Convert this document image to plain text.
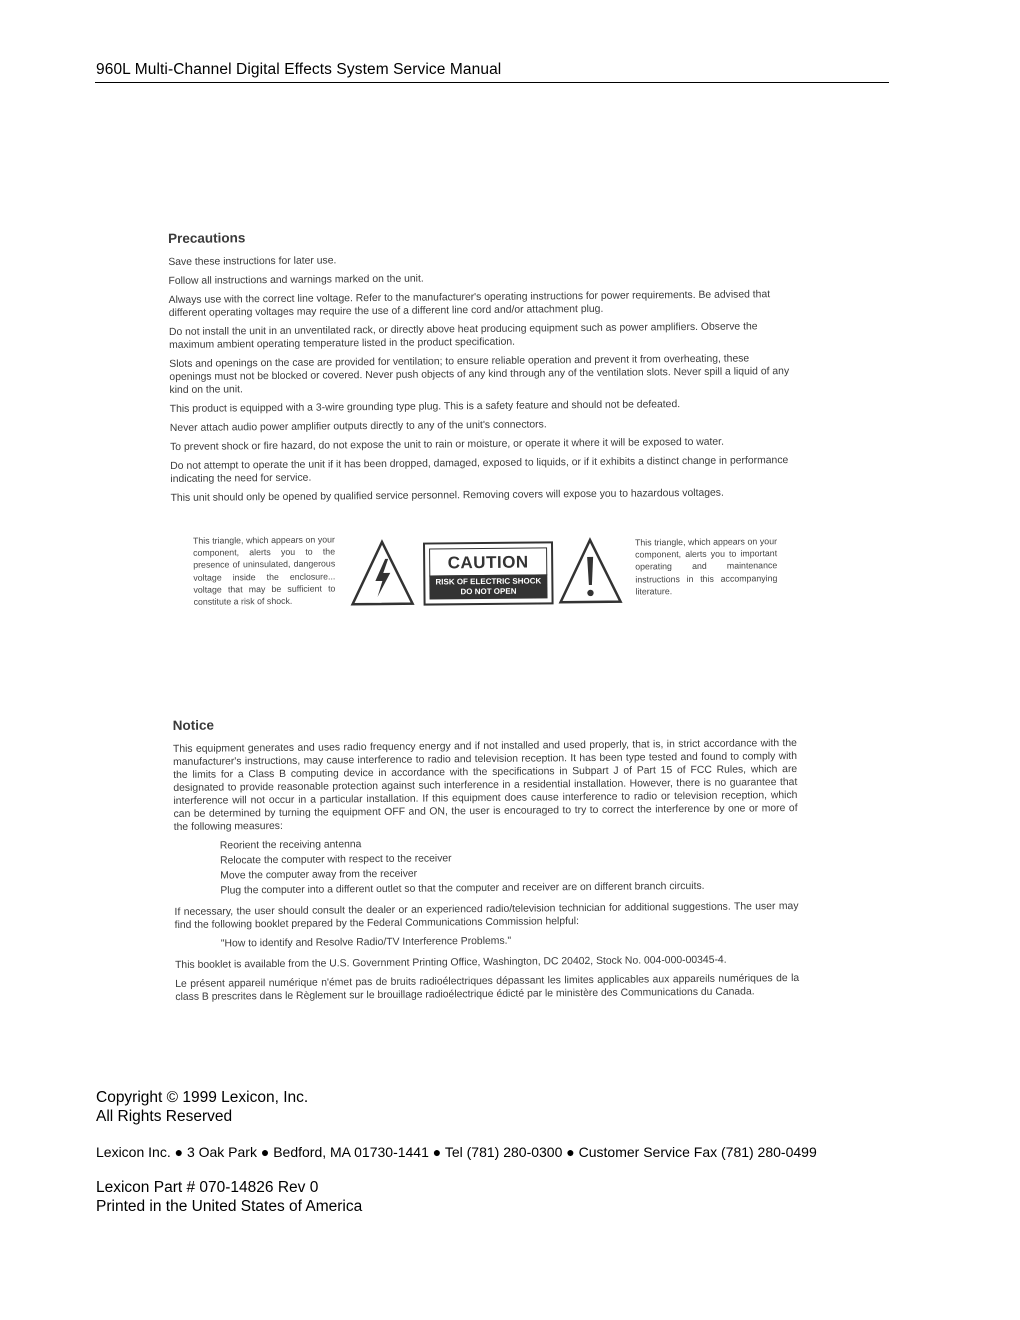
960L Multi-Channel Digital Effects System Service Manual
Precautions

Save these instructions for later use.

Follow all instructions and warnings marked on the unit.

Always use with the correct line voltage. Refer to the manufacturer's operating instructions for power requirements. Be advised that different operating voltages may require the use of a different line cord and/or attachment plug.

Do not install the unit in an unventilated rack, or directly above heat producing equipment such as power amplifiers. Observe the maximum ambient operating temperature listed in the product specification.

Slots and openings on the case are provided for ventilation; to ensure reliable operation and prevent it from overheating, these openings must not be blocked or covered. Never push objects of any kind through any of the ventilation slots. Never spill a liquid of any kind on the unit.

This product is equipped with a 3-wire grounding type plug. This is a safety feature and should not be defeated.

Never attach audio power amplifier outputs directly to any of the unit's connectors.

To prevent shock or fire hazard, do not expose the unit to rain or moisture, or operate it where it will be exposed to water.

Do not attempt to operate the unit if it has been dropped, damaged, exposed to liquids, or if it exhibits a distinct change in performance indicating the need for service.

This unit should only be opened by qualified service personnel. Removing covers will expose you to hazardous voltages.

This triangle, which appears on your component, alerts you to the presence of uninsulated, dangerous voltage inside the enclosure... voltage that may be sufficient to constitute a risk of shock.
CAUTION
RISK OF ELECTRIC SHOCK
DO NOT OPEN
This triangle, which appears on your component, alerts you to important operating and maintenance instructions in this accompanying literature.
Notice

This equipment generates and uses radio frequency energy and if not installed and used properly, that is, in strict accordance with the manufacturer's instructions, may cause interference to radio and television reception. It has been type tested and found to comply with the limits for a Class B computing device in accordance with the specifications in Subpart J of Part 15 of FCC Rules, which are designated to provide reasonable protection against such interference in a residential installation. However, there is no guarantee that interference will not occur in a particular installation. If this equipment does cause interference to radio or television reception, which can be determined by turning the equipment OFF and ON, the user is encouraged to try to correct the interference by one or more of the following measures:

Reorient the receiving antenna
Relocate the computer with respect to the receiver
Move the computer away from the receiver
Plug the computer into a different outlet so that the computer and receiver are on different branch circuits.

If necessary, the user should consult the dealer or an experienced radio/television technician for additional suggestions. The user may find the following booklet prepared by the Federal Communications Commission helpful:

"How to identify and Resolve Radio/TV Interference Problems."

This booklet is available from the U.S. Government Printing Office, Washington, DC 20402, Stock No. 004-000-00345-4.

Le présent appareil numérique n'émet pas de bruits radioélectriques dépassant les limites applicables aux appareils numériques de la class B prescrites dans le Règlement sur le brouillage radioélectrique édicté par le ministère des Communications du Canada.

Copyright © 1999 Lexicon, Inc.
All Rights Reserved
Lexicon Inc. ● 3 Oak Park ● Bedford, MA 01730-1441 ● Tel (781) 280-0300 ● Customer Service Fax (781) 280-0499
Lexicon Part # 070-14826 Rev 0
Printed in the United States of America
